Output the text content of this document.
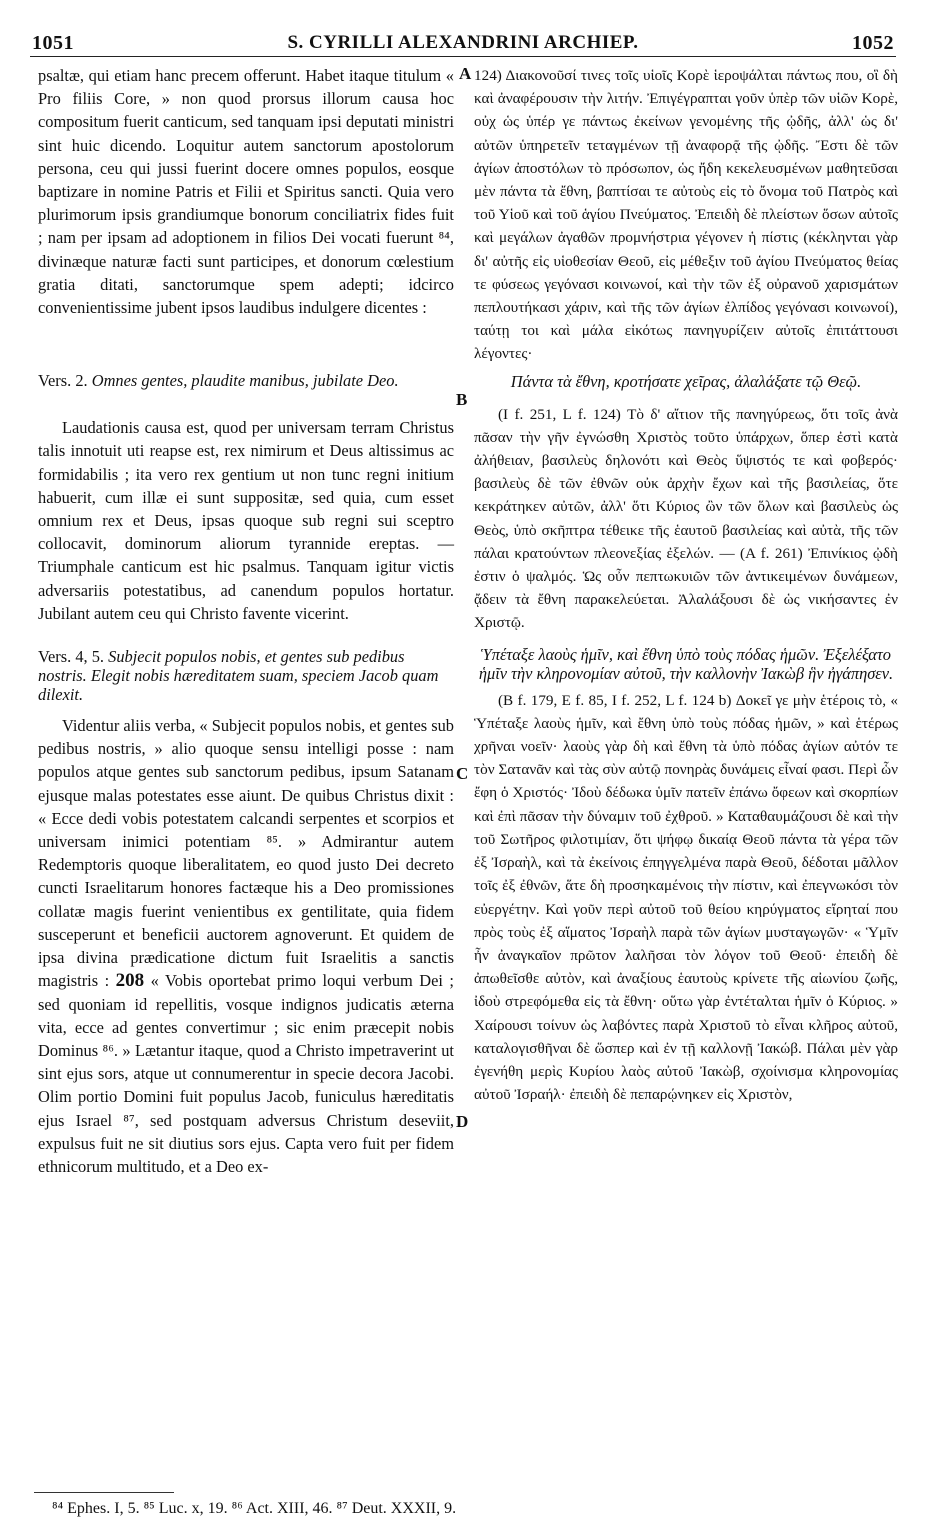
1051	S. CYRILLI ALEXANDRINI ARCHIEP.	1052
A
B
C
D

psaltæ, qui etiam hanc precem offerunt. Habet itaque titulum « Pro filiis Core, » non quod prorsus illorum causa hoc compositum fuerit canticum, sed tanquam ipsi deputati ministri sint huic dicendo. Loquitur autem sanctorum apostolorum persona, ceu qui jussi fuerint docere omnes populos, eosque baptizare in nomine Patris et Filii et Spiritus sancti. Quia vero plurimorum ipsis grandiumque bonorum conciliatrix fides fuit ; nam per ipsam ad adoptionem in filios Dei vocati fuerunt ⁸⁴, divinæque naturæ facti sunt participes, et donorum cœlestium gratia ditati, sanctorumque spem adepti; idcirco convenientissime jubent ipsos laudibus indulgere dicentes :

Vers. 2. Omnes gentes, plaudite manibus, jubilate Deo.

Laudationis causa est, quod per universam terram Christus talis innotuit uti reapse est, rex nimirum et Deus altissimus ac formidabilis ; ita vero rex gentium ut non tunc regni initium habuerit, cum illæ ei sunt suppositæ, sed quia, cum esset omnium rex et Deus, ipsas quoque sub regni sui sceptro collocavit, dominorum aliorum tyrannide ereptas. — Triumphale canticum est hic psalmus. Tanquam igitur victis adversariis potestatibus, ad canendum populos hortatur. Jubilant autem ceu qui Christo favente vicerint.

Vers. 4, 5. Subjecit populos nobis, et gentes sub pedibus nostris. Elegit nobis hæreditatem suam, speciem Jacob quam dilexit.

Videntur aliis verba, « Subjecit populos nobis, et gentes sub pedibus nostris, » alio quoque sensu intelligi posse : nam populos atque gentes sub sanctorum pedibus, ipsum Satanam ejusque malas potestates esse aiunt. De quibus Christus dixit : « Ecce dedi vobis potestatem calcandi serpentes et scorpios et universam inimici potentiam ⁸⁵. » Admirantur autem Redemptoris quoque liberalitatem, eo quod justo Dei decreto cuncti Israelitarum honores factæque his a Deo promissiones collatæ magis fuerint venientibus ex gentilitate, quia fidem susceperunt et beneficii auctorem agnoverunt. Et quidem de ipsa divina prædicatione dictum fuit Israelitis a sanctis magistris : 208 « Vobis oportebat primo loqui verbum Dei ; sed quoniam id repellitis, vosque indignos judicatis æterna vita, ecce ad gentes convertimur ; sic enim præcepit nobis Dominus ⁸⁶. » Lætantur itaque, quod a Christo impetraverint ut sint ejus sors, atque ut connumerentur in specie decora Jacobi. Olim portio Domini fuit populus Jacob, funiculus hæreditatis ejus Israel ⁸⁷, sed postquam adversus Christum deseviit, expulsus fuit ne sit diutius sors ejus. Capta vero fuit per fidem ethnicorum multitudo, et a Deo ex-

124) Διακονοῦσί τινες τοῖς υἱοῖς Κορὲ ἱεροψάλται πάντως που, οἳ δὴ καὶ ἀναφέρουσιν τὴν λιτήν. Ἐπιγέγραπται γοῦν ὑπὲρ τῶν υἱῶν Κορὲ, οὐχ ὡς ὑπέρ γε πάντως ἐκείνων γενομένης τῆς ᾠδῆς, ἀλλ' ὡς δι' αὐτῶν ὑπηρετεῖν τεταγμένων τῇ ἀναφορᾷ τῆς ᾠδῆς. Ἔστι δὲ τῶν ἁγίων ἀποστόλων τὸ πρόσωπον, ὡς ἤδη κεκελευσμένων μαθητεῦσαι μὲν πάντα τὰ ἔθνη, βαπτίσαι τε αὐτοὺς εἰς τὸ ὄνομα τοῦ Πατρὸς καὶ τοῦ Υἱοῦ καὶ τοῦ ἁγίου Πνεύματος. Ἐπειδὴ δὲ πλείστων ὅσων αὐτοῖς καὶ μεγάλων ἀγαθῶν προμνήστρια γέγονεν ἡ πίστις (κέκληνται γὰρ δι' αὐτῆς εἰς υἱοθεσίαν Θεοῦ, εἰς μέθεξιν τοῦ ἁγίου Πνεύματος θείας τε φύσεως γεγόνασι κοινωνοί, καὶ τὴν τῶν ἐξ οὐρανοῦ χαρισμάτων πεπλουτήκασι χάριν, καὶ τῆς τῶν ἁγίων ἐλπίδος γεγόνασι κοινωνοί), ταύτῃ τοι καὶ μάλα εἰκότως πανηγυρίζειν αὐτοῖς ἐπιτάττουσι λέγοντες·

Πάντα τὰ ἔθνη, κροτήσατε χεῖρας, ἀλαλάξατε τῷ Θεῷ.

(I f. 251, L f. 124) Τὸ δ' αἴτιον τῆς πανηγύρεως, ὅτι τοῖς ἀνὰ πᾶσαν τὴν γῆν ἐγνώσθη Χριστὸς τοῦτο ὑπάρχων, ὅπερ ἐστὶ κατὰ ἀλήθειαν, βασιλεὺς δηλονότι καὶ Θεὸς ὕψιστός τε καὶ φοβερός· βασιλεὺς δὲ τῶν ἐθνῶν οὐκ ἀρχὴν ἔχων καὶ τῆς βασιλείας, ὅτε κεκράτηκεν αὐτῶν, ἀλλ' ὅτι Κύριος ὢν τῶν ὅλων καὶ βασιλεὺς ὡς Θεὸς, ὑπὸ σκῆπτρα τέθεικε τῆς ἑαυτοῦ βασιλείας καὶ αὐτὰ, τῆς τῶν πάλαι κρατούντων πλεονεξίας ἐξελών. — (A f. 261) Ἐπινίκιος ᾠδὴ ἐστιν ὁ ψαλμός. Ὡς οὖν πεπτωκυιῶν τῶν ἀντικειμένων δυνάμεων, ᾄδειν τὰ ἔθνη παρακελεύεται. Ἀλαλάξουσι δὲ ὡς νικήσαντες ἐν Χριστῷ.

Ὑπέταξε λαοὺς ἡμῖν, καὶ ἔθνη ὑπὸ τοὺς πόδας ἡμῶν. Ἐξελέξατο ἡμῖν τὴν κληρονομίαν αὐτοῦ, τὴν καλλονὴν Ἰακὼβ ἣν ἠγάπησεν.

(B f. 179, E f. 85, I f. 252, L f. 124 b) Δοκεῖ γε μὴν ἑτέροις τὸ, « Ὑπέταξε λαοὺς ἡμῖν, καὶ ἔθνη ὑπὸ τοὺς πόδας ἡμῶν, » καὶ ἑτέρως χρῆναι νοεῖν· λαοὺς γὰρ δὴ καὶ ἔθνη τὰ ὑπὸ πόδας ἁγίων αὐτόν τε τὸν Σατανᾶν καὶ τὰς σὺν αὐτῷ πονηρὰς δυνάμεις εἶναί φασι. Περὶ ὧν ἔφη ὁ Χριστός· Ἰδοὺ δέδωκα ὑμῖν πατεῖν ἐπάνω ὄφεων καὶ σκορπίων καὶ ἐπὶ πᾶσαν τὴν δύναμιν τοῦ ἐχθροῦ. » Καταθαυμάζουσι δὲ καὶ τὴν τοῦ Σωτῆρος φιλοτιμίαν, ὅτι ψήφῳ δικαίᾳ Θεοῦ πάντα τὰ γέρα τῶν ἐξ Ἰσραὴλ, καὶ τὰ ἐκείνοις ἐπηγγελμένα παρὰ Θεοῦ, δέδοται μᾶλλον τοῖς ἐξ ἐθνῶν, ἅτε δὴ προσηκαμένοις τὴν πίστιν, καὶ ἐπεγνωκόσι τὸν εὐεργέτην. Καὶ γοῦν περὶ αὐτοῦ τοῦ θείου κηρύγματος εἴρηταί που πρὸς τοὺς ἐξ αἵματος Ἰσραὴλ παρὰ τῶν ἁγίων μυσταγωγῶν· « Ὑμῖν ἦν ἀναγκαῖον πρῶτον λαλῆσαι τὸν λόγον τοῦ Θεοῦ· ἐπειδὴ δὲ ἀπωθεῖσθε αὐτὸν, καὶ ἀναξίους ἑαυτοὺς κρίνετε τῆς αἰωνίου ζωῆς, ἰδοὺ στρεφόμεθα εἰς τὰ ἔθνη· οὕτω γὰρ ἐντέταλται ἡμῖν ὁ Κύριος. » Χαίρουσι τοίνυν ὡς λαβόντες παρὰ Χριστοῦ τὸ εἶναι κλῆρος αὐτοῦ, καταλογισθῆναι δὲ ὥσπερ καὶ ἐν τῇ καλλονῇ Ἰακώβ. Πάλαι μὲν γὰρ ἐγενήθη μερὶς Κυρίου λαὸς αὐτοῦ Ἰακὼβ, σχοίνισμα κληρονομίας αὐτοῦ Ἰσραήλ· ἐπειδὴ δὲ πεπαρῴνηκεν εἰς Χριστὸν,

⁸⁴ Ephes. I, 5. ⁸⁵ Luc. x, 19. ⁸⁶ Act. XIII, 46. ⁸⁷ Deut. XXXII, 9.
